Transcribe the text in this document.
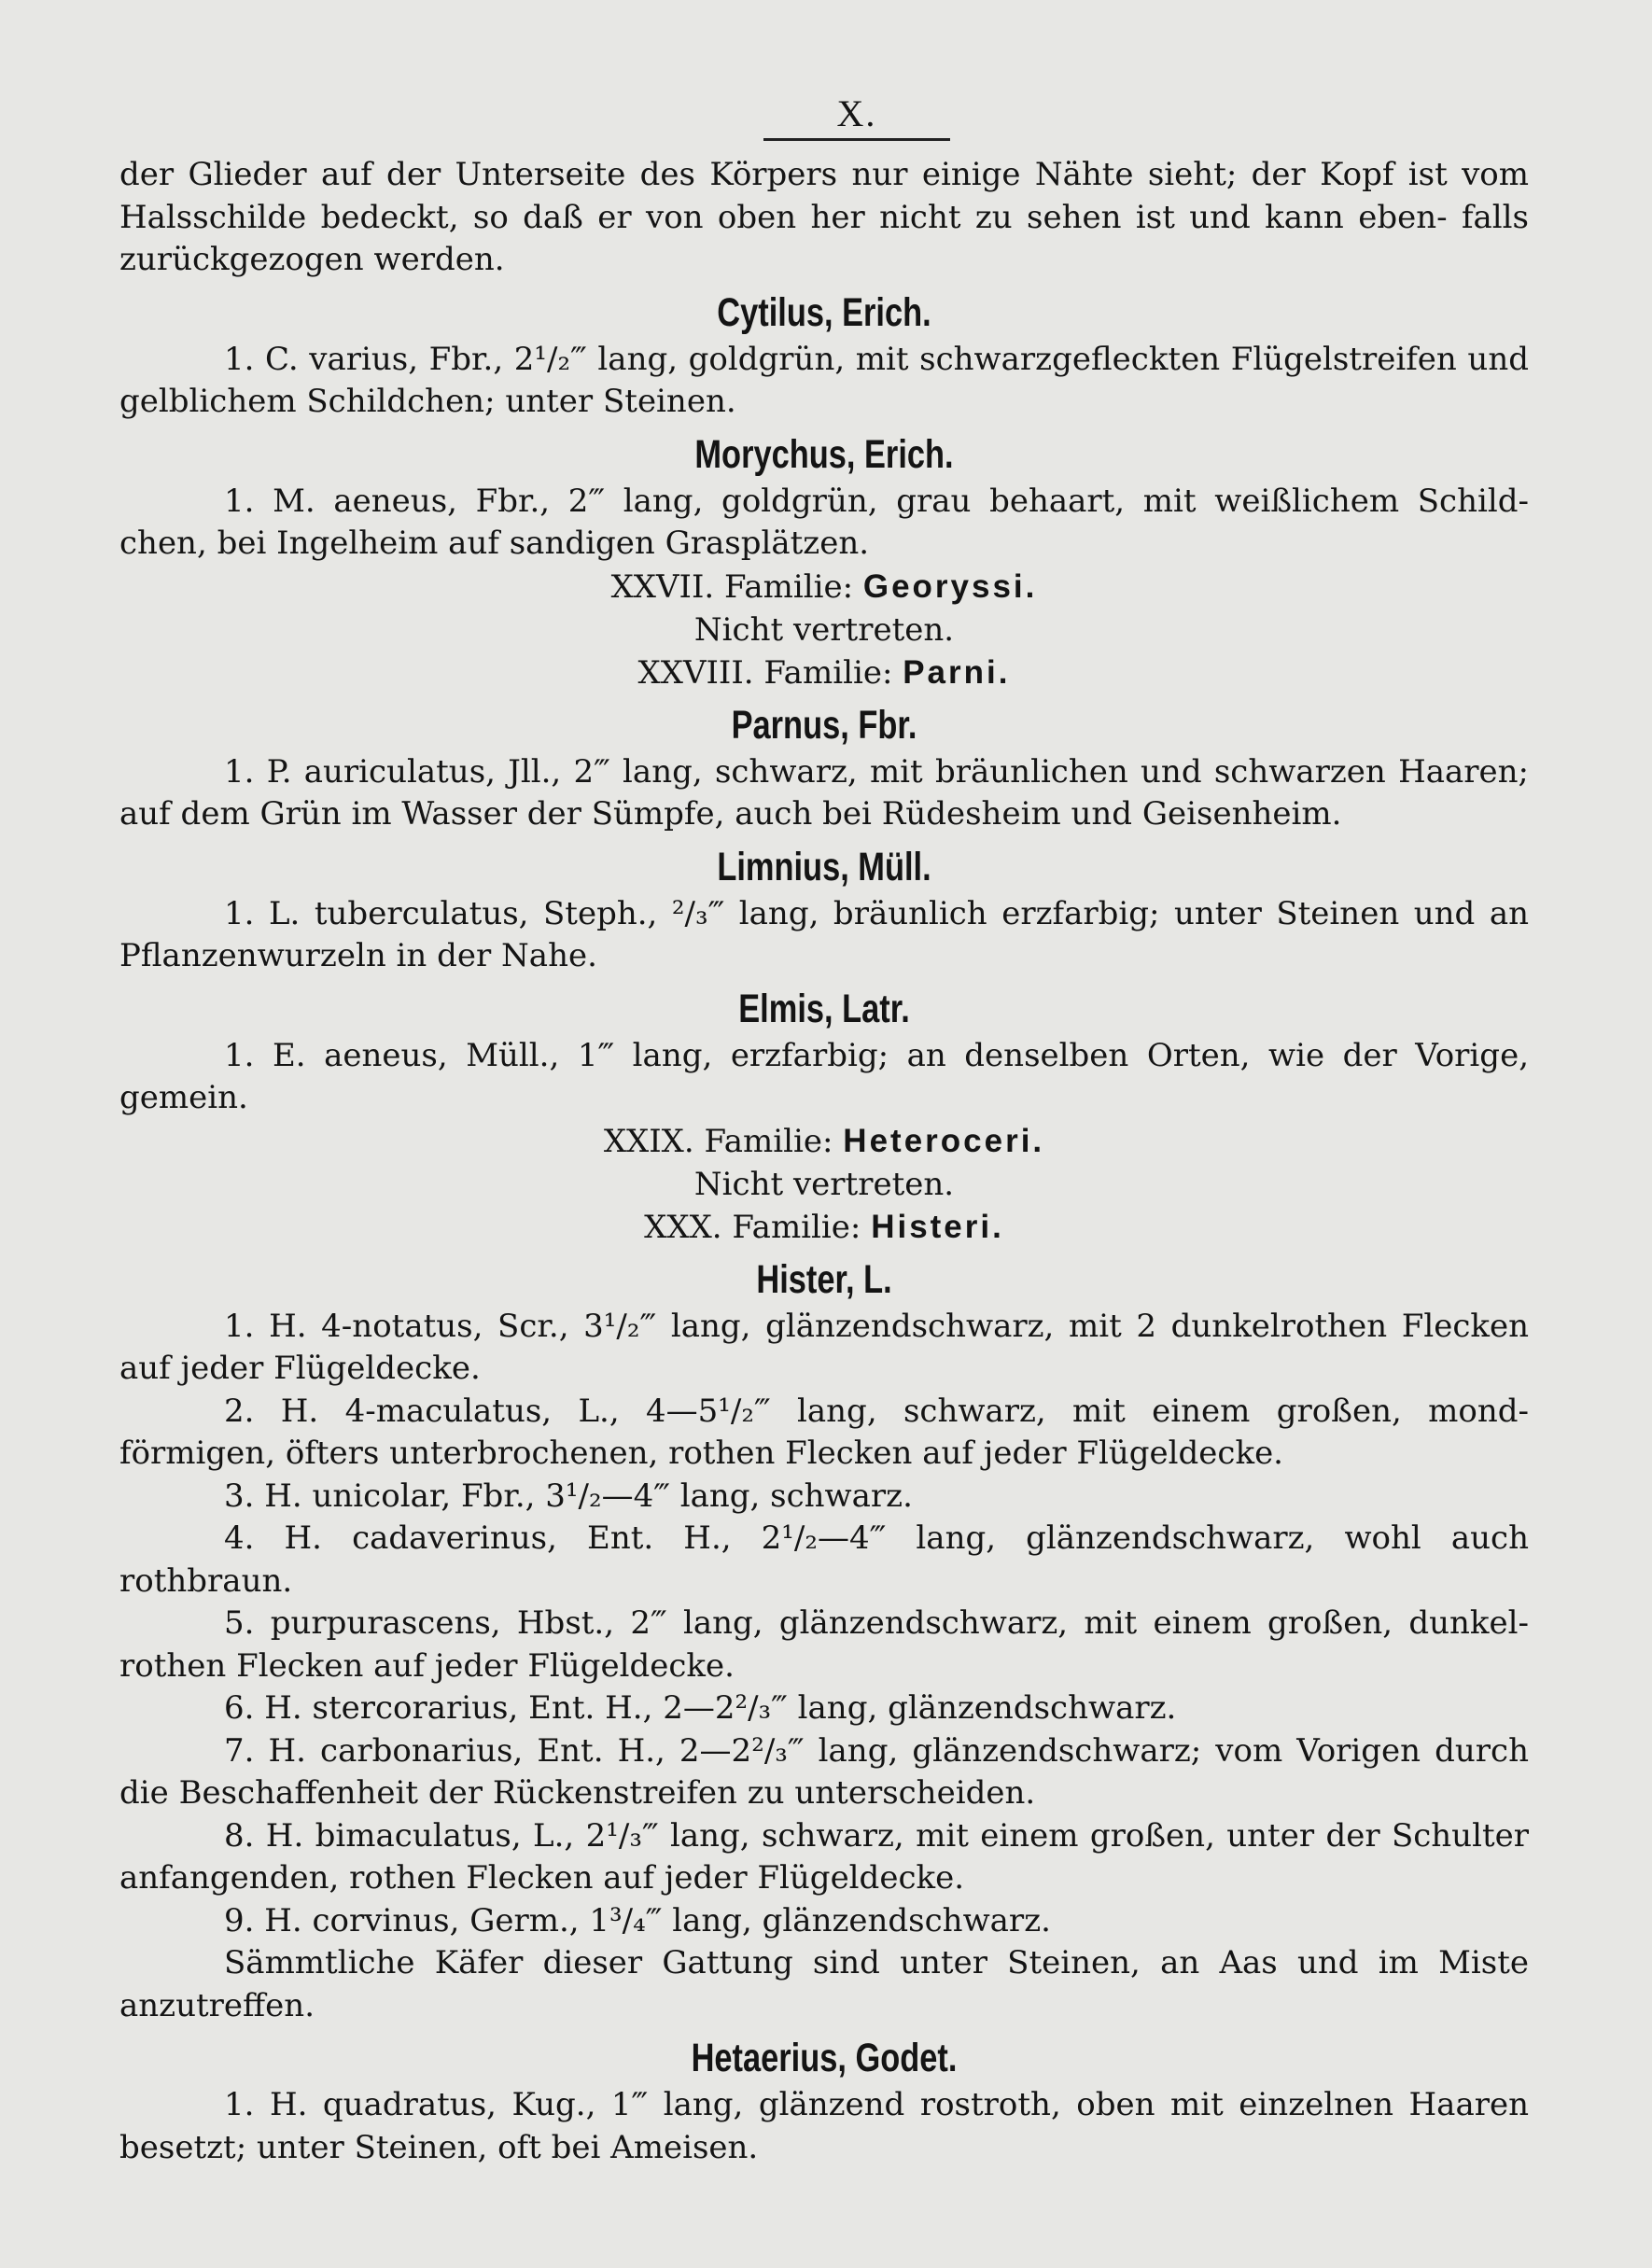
X.

der Glieder auf der Unterseite des Körpers nur einige Nähte sieht; der Kopf ist vom Halsschilde bedeckt, so daß er von oben her nicht zu sehen ist und kann eben- falls zurückgezogen werden.

Cytilus, Erich.

1. C. varius, Fbr., 2¹/₂‴ lang, goldgrün, mit schwarzgefleckten Flügelstreifen und gelblichem Schildchen; unter Steinen.

Morychus, Erich.

1. M. aeneus, Fbr., 2‴ lang, goldgrün, grau behaart, mit weißlichem Schild- chen, bei Ingelheim auf sandigen Grasplätzen.

XXVII. Familie: Georyssi.

Nicht vertreten.

XXVIII. Familie: Parni.

Parnus, Fbr.

1. P. auriculatus, Jll., 2‴ lang, schwarz, mit bräunlichen und schwarzen Haaren; auf dem Grün im Wasser der Sümpfe, auch bei Rüdesheim und Geisenheim.

Limnius, Müll.

1. L. tuberculatus, Steph., ²/₃‴ lang, bräunlich erzfarbig; unter Steinen und an Pflanzenwurzeln in der Nahe.

Elmis, Latr.

1. E. aeneus, Müll., 1‴ lang, erzfarbig; an denselben Orten, wie der Vorige, gemein.

XXIX. Familie: Heteroceri.

Nicht vertreten.

XXX. Familie: Histeri.

Hister, L.

1. H. 4-notatus, Scr., 3¹/₂‴ lang, glänzendschwarz, mit 2 dunkelrothen Flecken auf jeder Flügeldecke.

2. H. 4-maculatus, L., 4—5¹/₂‴ lang, schwarz, mit einem großen, mond- förmigen, öfters unterbrochenen, rothen Flecken auf jeder Flügeldecke.

3. H. unicolar, Fbr., 3¹/₂—4‴ lang, schwarz.

4. H. cadaverinus, Ent. H., 2¹/₂—4‴ lang, glänzendschwarz, wohl auch rothbraun.

5. purpurascens, Hbst., 2‴ lang, glänzendschwarz, mit einem großen, dunkel- rothen Flecken auf jeder Flügeldecke.

6. H. stercorarius, Ent. H., 2—2²/₃‴ lang, glänzendschwarz.

7. H. carbonarius, Ent. H., 2—2²/₃‴ lang, glänzendschwarz; vom Vorigen durch die Beschaffenheit der Rückenstreifen zu unterscheiden.

8. H. bimaculatus, L., 2¹/₃‴ lang, schwarz, mit einem großen, unter der Schulter anfangenden, rothen Flecken auf jeder Flügeldecke.

9. H. corvinus, Germ., 1³/₄‴ lang, glänzendschwarz.

Sämmtliche Käfer dieser Gattung sind unter Steinen, an Aas und im Miste anzutreffen.

Hetaerius, Godet.

1. H. quadratus, Kug., 1‴ lang, glänzend rostroth, oben mit einzelnen Haaren besetzt; unter Steinen, oft bei Ameisen.
